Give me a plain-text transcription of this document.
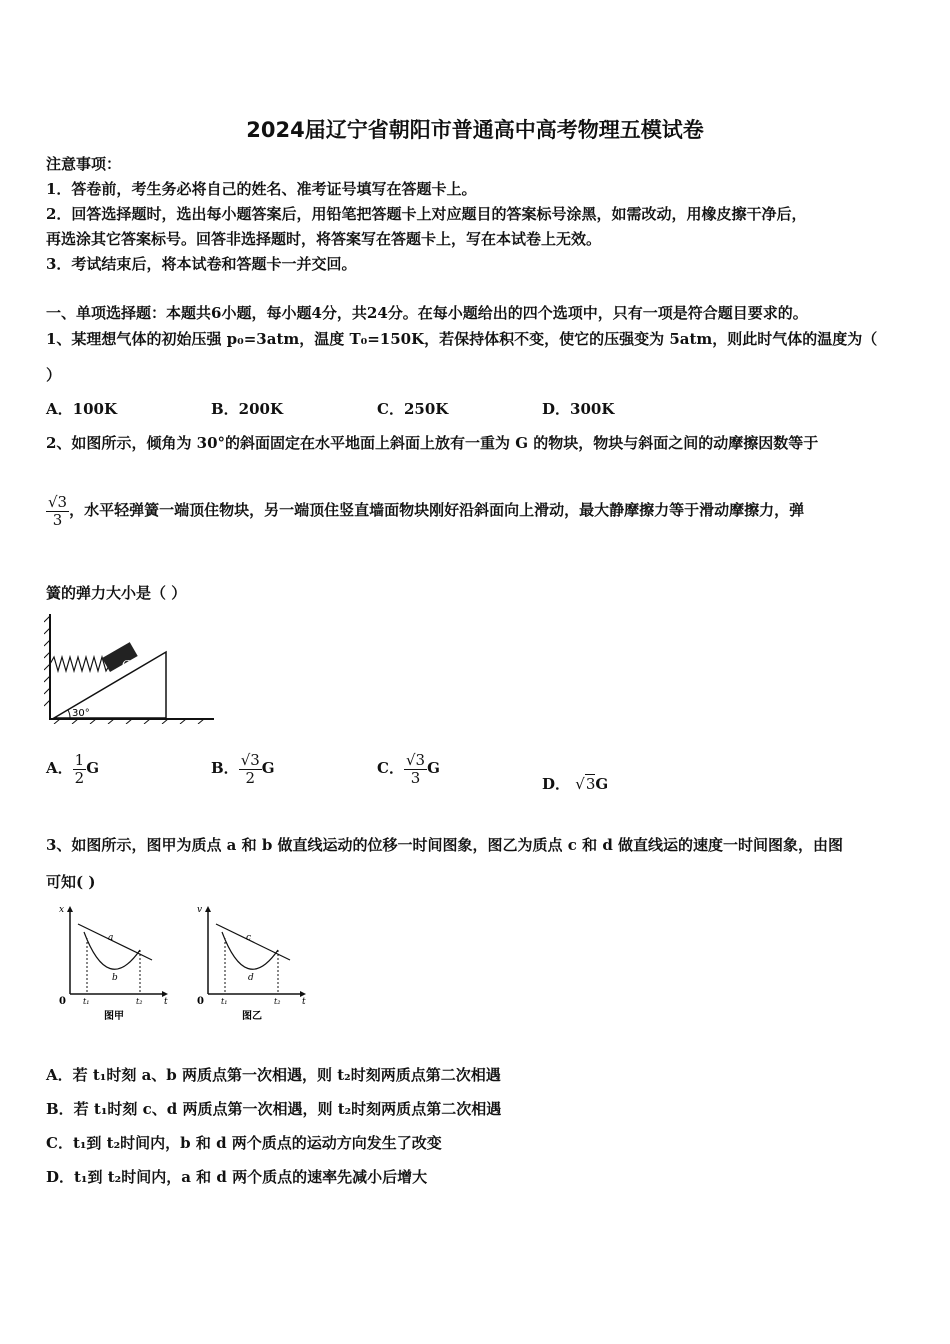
2024届辽宁省朝阳市普通高中高考物理五模试卷
注意事项：
1．答卷前，考生务必将自己的姓名、准考证号填写在答题卡上。
2．回答选择题时，选出每小题答案后，用铅笔把答题卡上对应题目的答案标号涂黑，如需改动，用橡皮擦干净后，
再选涂其它答案标号。回答非选择题时，将答案写在答题卡上，写在本试卷上无效。
3．考试结束后，将本试卷和答题卡一并交回。
一、单项选择题：本题共6小题，每小题4分，共24分。在每小题给出的四个选项中，只有一项是符合题目要求的。
1、某理想气体的初始压强 p₀=3atm，温度 T₀=150K，若保持体积不变，使它的压强变为 5atm，则此时气体的温度为（
）
A．100K	B．200K	C．250K	D．300K
2、如图所示，倾角为 30°的斜面固定在水平地面上斜面上放有一重为 G 的物块，物块与斜面之间的动摩擦因数等于
$\frac{√3}{3}$ ，水平轻弹簧一端顶住物块，另一端顶住竖直墙面物块刚好沿斜面向上滑动，最大静摩擦力等于滑动摩擦力，弹
簧的弹力大小是（ ）
G
30°
A． $\frac{1}{2}$ G	B． $\frac{√3}{2}$ G	C． $\frac{√3}{3}$ G
D． √3G
3、如图所示，图甲为质点 a 和 b 做直线运动的位移一时间图象，图乙为质点 c 和 d 做直线运的速度一时间图象，由图
可知( )
x
t
0 t₁	t₂
a
b
图甲
v
t
0 t₁	t₂
c
d
图乙
A．若 t₁时刻 a、b 两质点第一次相遇，则 t₂时刻两质点第二次相遇
B．若 t₁时刻 c、d 两质点第一次相遇，则 t₂时刻两质点第二次相遇
C．t₁到 t₂时间内，b 和 d 两个质点的运动方向发生了改变
D．t₁到 t₂时间内，a 和 d 两个质点的速率先减小后增大
